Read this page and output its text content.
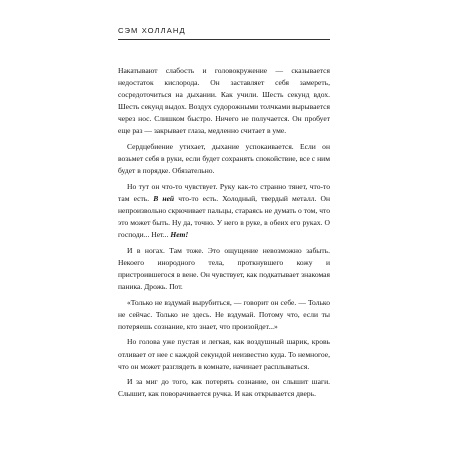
СЭМ ХОЛЛАНД

Накатывают слабость и головокружение — сказывается недостаток кислорода. Он заставляет себя замереть, сосредоточиться на дыхании. Как учили. Шесть секунд вдох. Шесть секунд выдох. Воздух судорожными толчками вырывается через нос. Слишком быстро. Ничего не получается. Он пробует еще раз — закрывает глаза, медленно считает в уме.

Сердцебиение утихает, дыхание успокаивается. Если он возьмет себя в руки, если будет сохранять спокойствие, все с ним будет в порядке. Обязательно.

Но тут он что-то чувствует. Руку как-то странно тянет, что-то там есть. В ней что-то есть. Холодный, твердый металл. Он непроизвольно скрючивает пальцы, стараясь не думать о том, что это может быть. Ну да, точно. У него в руке, в обеих его руках. О господи... Нет... Нет!

И в ногах. Там тоже. Это ощущение невозможно забыть. Некоего инородного тела, проткнувшего кожу и пристроившегося в вене. Он чувствует, как подкатывает знакомая паника. Дрожь. Пот.

«Только не вздумай вырубиться, — говорит он себе. — Только не сейчас. Только не здесь. Не вздумай. Потому что, если ты потеряешь сознание, кто знает, что произойдет...»

Но голова уже пустая и легкая, как воздушный шарик, кровь отливает от нее с каждой секундой неизвестно куда. То немногое, что он может разглядеть в комнате, начинает расплываться.

И за миг до того, как потерять сознание, он слышит шаги. Слышит, как поворачивается ручка. И как открывается дверь.
